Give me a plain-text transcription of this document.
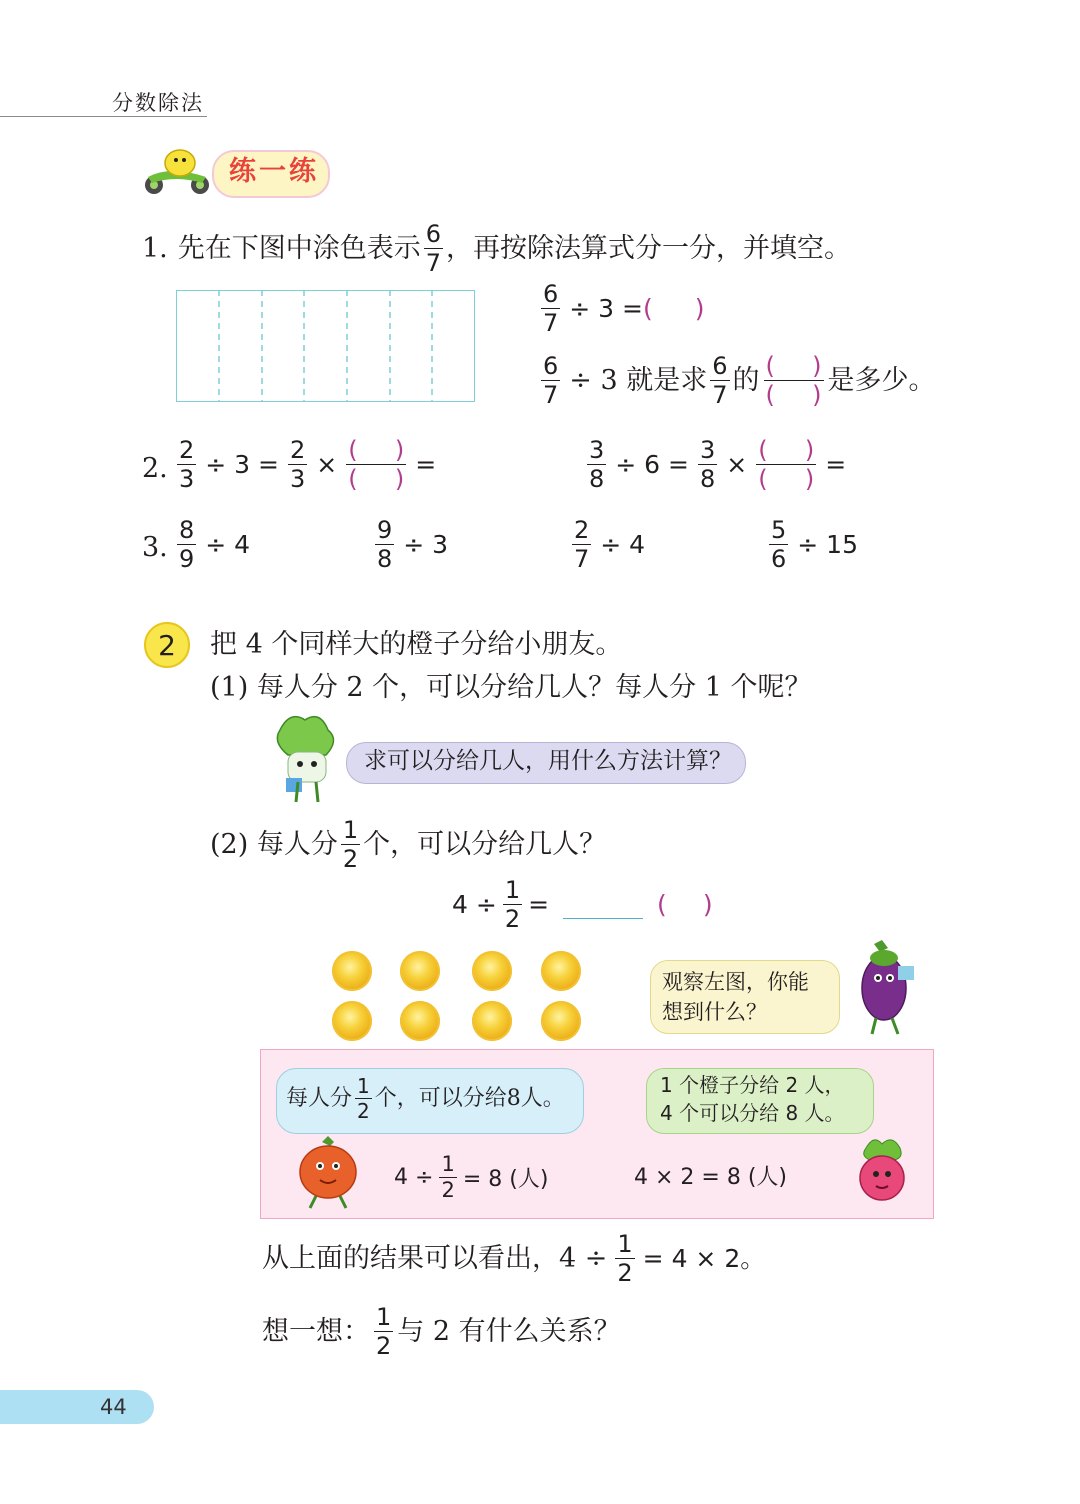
分数除法
练一练
1. 先在下图中涂色表示 $\frac{6}{7}$ ，再按除法算式分一分，并填空。
$\frac{6}{7} \div 3$ = ( )
$\frac{6}{7} \div 3$ 就是求 $\frac{6}{7}$ 的 $\frac{( )}{( )}$ 是多少。
2. $\frac{2}{3} \div 3 = \frac{2}{3} \times \frac{( )}{( )}$ =	$\frac{3}{8} \div 6 = \frac{3}{8} \times \frac{( )}{( )}$ =
3. $\frac{8}{9} \div 4$	$\frac{9}{8} \div 3$	$\frac{2}{7} \div 4$	$\frac{5}{6} \div 15$
2 把 4 个同样大的橙子分给小朋友。
(1) 每人分 2 个，可以分给几人？每人分 1 个呢？
求可以分给几人，用什么方法计算？
(2) 每人分 $\frac{1}{2}$ 个，可以分给几人？
$4 \div \frac{1}{2}$ =	( )
观察左图，你能
想到什么？
每人分 $\frac{1}{2}$ 个，可以分给8人。
1 个橙子分给 2 人，
4 个可以分给 8 人。
$4 \div \frac{1}{2} = 8$ (人)	4 × 2 = 8 (人)
从上面的结果可以看出，$4 \div \frac{1}{2} = 4 \times 2$。
想一想： $\frac{1}{2}$ 与 2 有什么关系？
44
